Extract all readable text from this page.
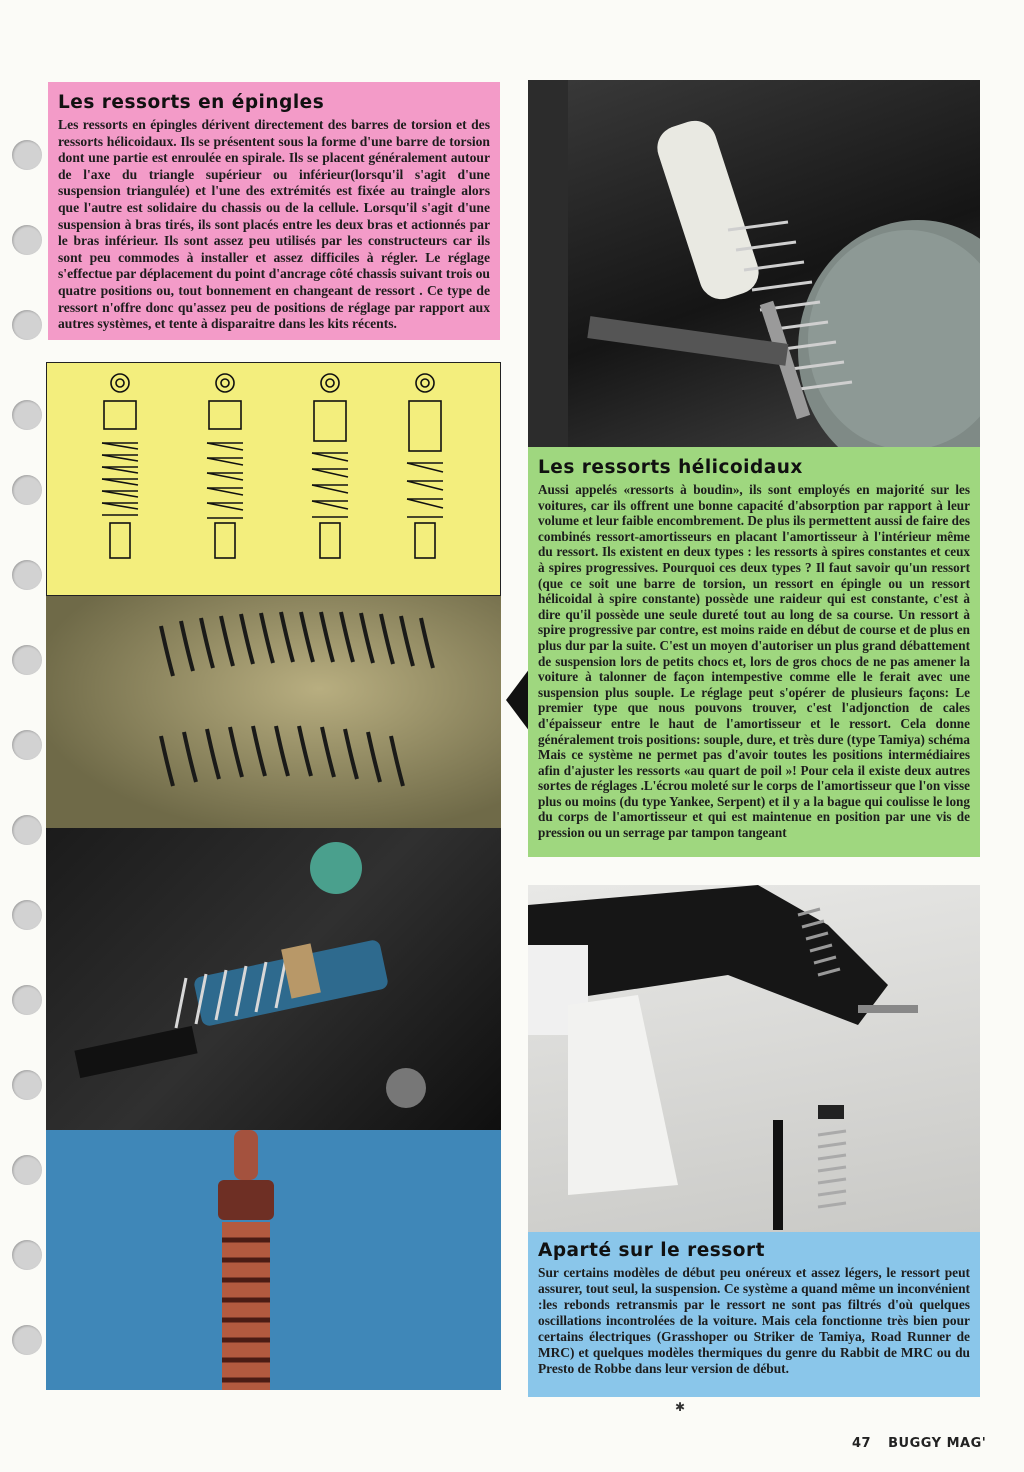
Les ressorts en épingles

Les ressorts en épingles dérivent directement des barres de torsion et des ressorts hélicoidaux. Ils se présentent sous la forme d'une barre de torsion dont une partie est enroulée en spirale. Ils se placent généralement autour de l'axe du triangle supérieur ou inférieur(lorsqu'il s'agit d'une suspension triangulée) et l'une des extrémités est fixée au traingle alors que l'autre est solidaire du chassis ou de la cellule. Lorsqu'il s'agit d'une suspension à bras tirés, ils sont placés entre les deux bras et actionnés par le bras inférieur. Ils sont assez peu utilisés par les constructeurs car ils sont peu commodes à installer et assez difficiles à régler. Le réglage s'effectue par déplacement du point d'ancrage côté chassis suivant trois ou quatre positions ou, tout bonnement en changeant de ressort . Ce type de ressort n'offre donc qu'assez peu de positions de réglage par rapport aux autres systèmes, et tente à disparaitre dans les kits récents.

Les ressorts hélicoidaux

Aussi appelés «ressorts à boudin», ils sont employés en majorité sur les voitures, car ils offrent une bonne capacité d'absorption par rapport à leur volume et leur faible encombrement. De plus ils permettent aussi de faire des combinés ressort-amortisseurs en placant l'amortisseur à l'intérieur même du ressort. Ils existent en deux types : les ressorts à spires constantes et ceux à spires progressives. Pourquoi ces deux types ? Il faut savoir qu'un ressort (que ce soit une barre de torsion, un ressort en épingle ou un ressort hélicoidal à spire constante) possède une raideur qui est constante, c'est à dire qu'il possède une seule dureté tout au long de sa course. Un ressort à spire progressive par contre, est moins raide en début de course et de plus en plus dur par la suite. C'est un moyen d'autoriser un plus grand débattement de suspension lors de petits chocs et, lors de gros chocs de ne pas amener la voiture à talonner de façon intempestive comme elle le ferait avec une suspension plus souple. Le réglage peut s'opérer de plusieurs façons: Le premier type que nous pouvons trouver, c'est l'adjonction de cales d'épaisseur entre le haut de l'amortisseur et le ressort. Cela donne généralement trois positions: souple, dure, et très dure (type Tamiya) schéma Mais ce système ne permet pas d'avoir toutes les positions intermédiaires afin d'ajuster les ressorts «au quart de poil »! Pour cela il existe deux autres sortes de réglages .L'écrou moleté sur le corps de l'amortisseur que l'on visse plus ou moins (du type Yankee, Serpent) et il y a la bague qui coulisse le long du corps de l'amortisseur et qui est maintenue en position par une vis de pression ou un serrage par tampon tangeant

Aparté sur le ressort

Sur certains modèles de début peu onéreux et assez légers, le ressort peut assurer, tout seul, la suspension. Ce système a quand même un inconvénient :les rebonds retransmis par le ressort ne sont pas filtrés d'où quelques oscillations incontrolées de la voiture. Mais cela fonctionne très bien pour certains électriques (Grasshoper ou Striker de Tamiya, Road Runner de MRC) et quelques modèles thermiques du genre du Rabbit de MRC ou du Presto de Robbe dans leur version de début.

✱
47 BUGGY MAG'
